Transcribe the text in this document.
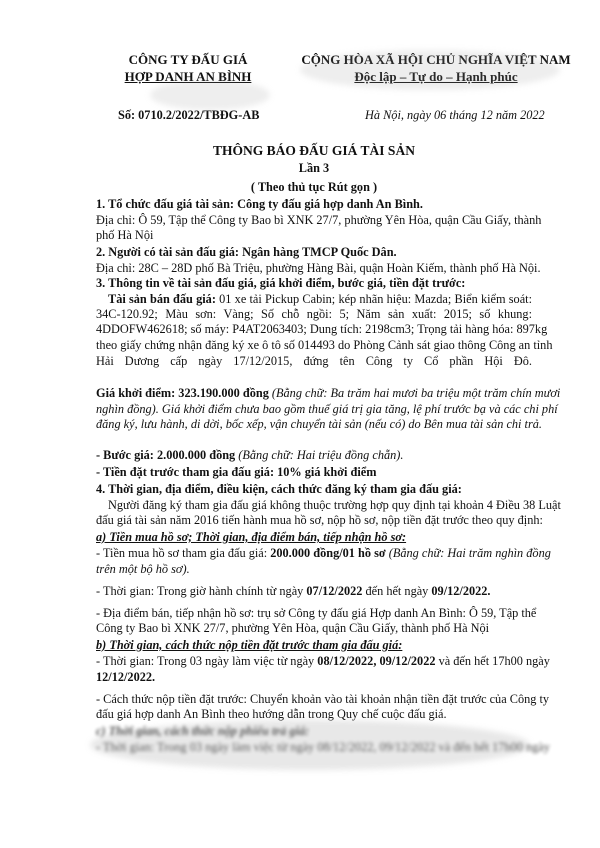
CÔNG TY ĐẤU GIÁ
HỢP DANH AN BÌNH
Số: 0710.2/2022/TBĐG-AB
CỘNG HÒA XÃ HỘI CHỦ NGHĨA VIỆT NAM
Độc lập – Tự do – Hạnh phúc
Hà Nội, ngày 06 tháng 12 năm 2022
THÔNG BÁO ĐẤU GIÁ TÀI SẢN
Lần 3
( Theo thủ tục Rút gọn )
1. Tổ chức đấu giá tài sản: Công ty đấu giá hợp danh An Bình.
Địa chỉ: Ô 59, Tập thể Công ty Bao bì XNK 27/7, phường Yên Hòa, quận Cầu Giấy, thành
phố Hà Nội
2. Người có tài sản đấu giá: Ngân hàng TMCP Quốc Dân.
Địa chỉ: 28C – 28D phố Bà Triệu, phường Hàng Bài, quận Hoàn Kiếm, thành phố Hà Nội.
3. Thông tin về tài sản đấu giá, giá khởi điểm, bước giá, tiền đặt trước:
Tài sản bán đấu giá: 01 xe tải Pickup Cabin; kép nhãn hiệu: Mazda; Biển kiểm soát:
34C-120.92; Màu sơn: Vàng; Số chỗ ngồi: 5; Năm sản xuất: 2015; số khung:
4DDOFW462618; số máy: P4AT2063403; Dung tích: 2198cm3; Trọng tải hàng hóa: 897kg
theo giấy chứng nhận đăng ký xe ô tô số 014493 do Phòng Cảnh sát giao thông Công an tỉnh
Hải Dương cấp ngày 17/12/2015, đứng tên Công ty Cổ phần Hội Đô.
Giá khởi điểm: 323.190.000 đồng (Bằng chữ: Ba trăm hai mươi ba triệu một trăm chín mươi
nghìn đồng). Giá khởi điểm chưa bao gồm thuế giá trị gia tăng, lệ phí trước bạ và các chi phí
đăng ký, lưu hành, di dời, bốc xếp, vận chuyển tài sản (nếu có) do Bên mua tài sản chi trả.
- Bước giá: 2.000.000 đồng (Bằng chữ: Hai triệu đồng chẵn).
- Tiền đặt trước tham gia đấu giá: 10% giá khởi điểm
4. Thời gian, địa điểm, điều kiện, cách thức đăng ký tham gia đấu giá:
Người đăng ký tham gia đấu giá không thuộc trường hợp quy định tại khoản 4 Điều 38 Luật
đấu giá tài sản năm 2016 tiến hành mua hồ sơ, nộp hồ sơ, nộp tiền đặt trước theo quy định:
a) Tiền mua hồ sơ; Thời gian, địa điểm bán, tiếp nhận hồ sơ:
- Tiền mua hồ sơ tham gia đấu giá: 200.000 đồng/01 hồ sơ (Bằng chữ: Hai trăm nghìn đồng
trên một bộ hồ sơ).
- Thời gian: Trong giờ hành chính từ ngày 07/12/2022 đến hết ngày 09/12/2022.
- Địa điểm bán, tiếp nhận hồ sơ: trụ sở Công ty đấu giá Hợp danh An Bình: Ô 59, Tập thể
Công ty Bao bì XNK 27/7, phường Yên Hòa, quận Cầu Giấy, thành phố Hà Nội
b) Thời gian, cách thức nộp tiền đặt trước tham gia đấu giá:
- Thời gian: Trong 03 ngày làm việc từ ngày 08/12/2022, 09/12/2022 và đến hết 17h00 ngày
12/12/2022.
- Cách thức nộp tiền đặt trước: Chuyển khoản vào tài khoản nhận tiền đặt trước của Công ty
đấu giá hợp danh An Bình theo hướng dẫn trong Quy chế cuộc đấu giá.
c) Thời gian, cách thức nộp phiếu trả giá:
- Thời gian: Trong 03 ngày làm việc từ ngày 08/12/2022, 09/12/2022 và đến hết 17h00 ngày
